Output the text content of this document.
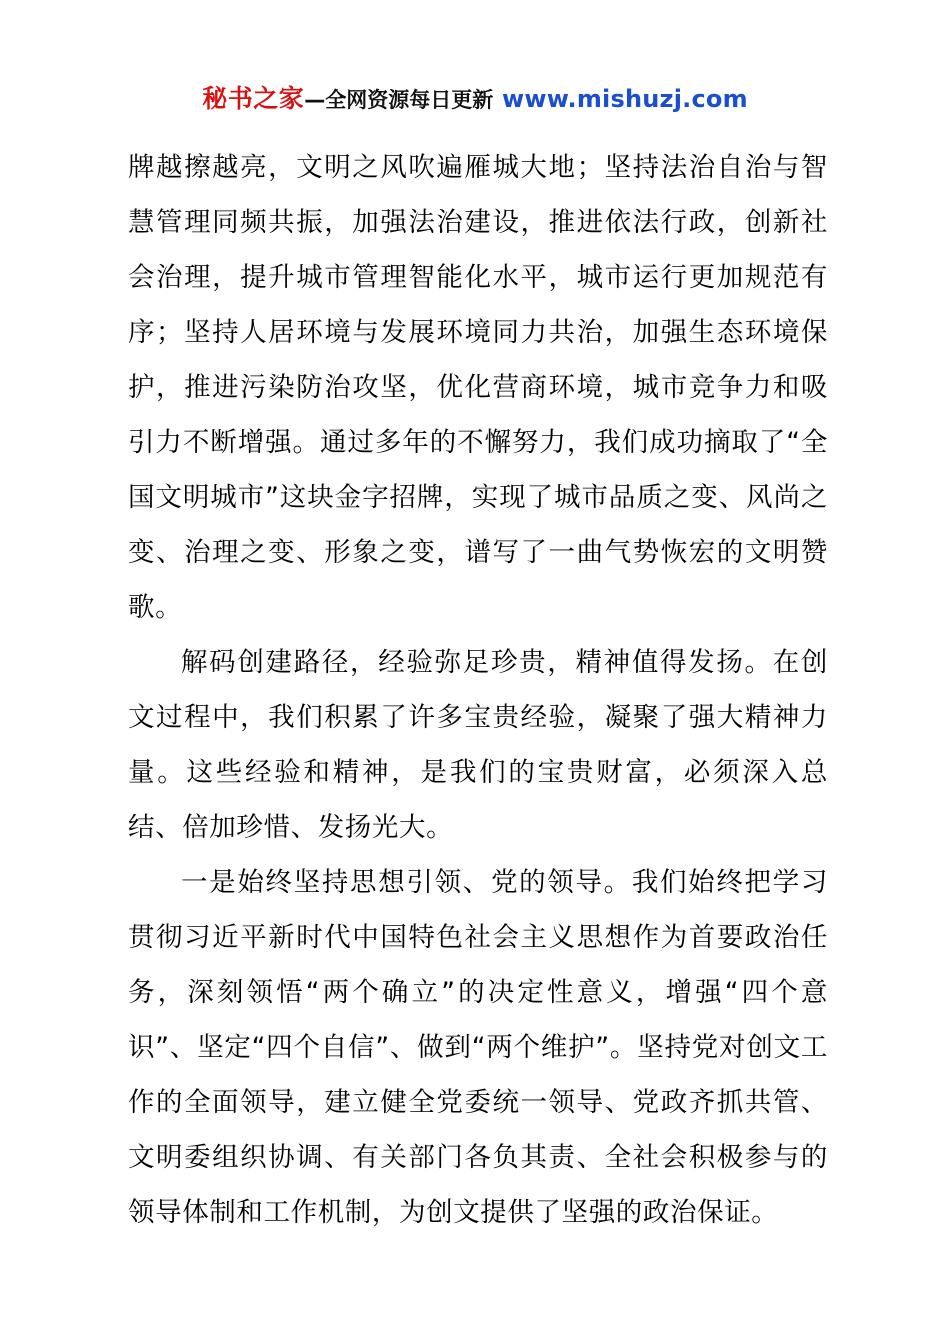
秘书之家—全网资源每日更新 www.mishuzj.com

牌越擦越亮，文明之风吹遍雁城大地；坚持法治自治与智慧管理同频共振，加强法治建设，推进依法行政，创新社会治理，提升城市管理智能化水平，城市运行更加规范有序；坚持人居环境与发展环境同力共治，加强生态环境保护，推进污染防治攻坚，优化营商环境，城市竞争力和吸引力不断增强。通过多年的不懈努力，我们成功摘取了“全国文明城市”这块金字招牌，实现了城市品质之变、风尚之变、治理之变、形象之变，谱写了一曲气势恢宏的文明赞歌。

解码创建路径，经验弥足珍贵，精神值得发扬。在创文过程中，我们积累了许多宝贵经验，凝聚了强大精神力量。这些经验和精神，是我们的宝贵财富，必须深入总结、倍加珍惜、发扬光大。

一是始终坚持思想引领、党的领导。我们始终把学习贯彻习近平新时代中国特色社会主义思想作为首要政治任务，深刻领悟“两个确立”的决定性意义，增强“四个意识”、坚定“四个自信”、做到“两个维护”。坚持党对创文工作的全面领导，建立健全党委统一领导、党政齐抓共管、文明委组织协调、有关部门各负其责、全社会积极参与的领导体制和工作机制，为创文提供了坚强的政治保证。
